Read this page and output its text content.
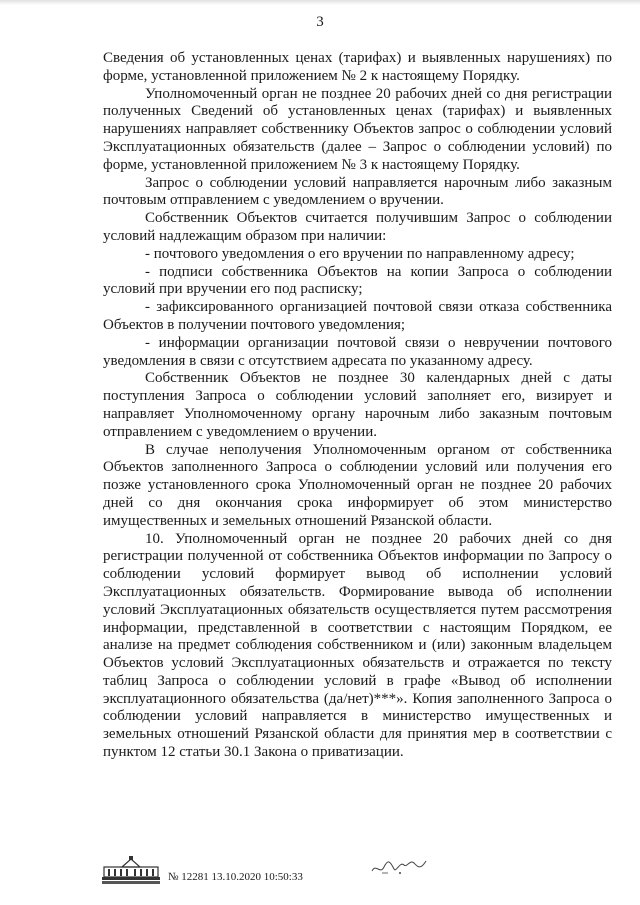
3

Сведения об установленных ценах (тарифах) и выявленных нарушениях) по форме, установленной приложением № 2 к настоящему Порядку.

Уполномоченный орган не позднее 20 рабочих дней со дня регистрации полученных Сведений об установленных ценах (тарифах) и выявленных нарушениях направляет собственнику Объектов запрос о соблюдении условий Эксплуатационных обязательств (далее – Запрос о соблюдении условий) по форме, установленной приложением № 3 к настоящему Порядку.

Запрос о соблюдении условий направляется нарочным либо заказным почтовым отправлением с уведомлением о вручении.

Собственник Объектов считается получившим Запрос о соблюдении условий надлежащим образом при наличии:

- почтового уведомления о его вручении по направленному адресу;

- подписи собственника Объектов на копии Запроса о соблюдении условий при вручении его под расписку;

- зафиксированного организацией почтовой связи отказа собственника Объектов в получении почтового уведомления;

- информации организации почтовой связи о невручении почтового уведомления в связи с отсутствием адресата по указанному адресу.

Собственник Объектов не позднее 30 календарных дней с даты поступления Запроса о соблюдении условий заполняет его, визирует и направляет Уполномоченному органу нарочным либо заказным почтовым отправлением с уведомлением о вручении.

В случае неполучения Уполномоченным органом от собственника Объектов заполненного Запроса о соблюдении условий или получения его позже установленного срока Уполномоченный орган не позднее 20 рабочих дней со дня окончания срока информирует об этом министерство имущественных и земельных отношений Рязанской области.

10. Уполномоченный орган не позднее 20 рабочих дней со дня регистрации полученной от собственника Объектов информации по Запросу о соблюдении условий формирует вывод об исполнении условий Эксплуатационных обязательств. Формирование вывода об исполнении условий Эксплуатационных обязательств осуществляется путем рассмотрения информации, представленной в соответствии с настоящим Порядком, ее анализе на предмет соблюдения собственником и (или) законным владельцем Объектов условий Эксплуатационных обязательств и отражается по тексту таблиц Запроса о соблюдении условий в графе «Вывод об исполнении эксплуатационного обязательства (да/нет)***». Копия заполненного Запроса о соблюдении условий направляется в министерство имущественных и земельных отношений Рязанской области для принятия мер в соответствии с пунктом 12 статьи 30.1 Закона о приватизации.

№ 12281 13.10.2020 10:50:33
